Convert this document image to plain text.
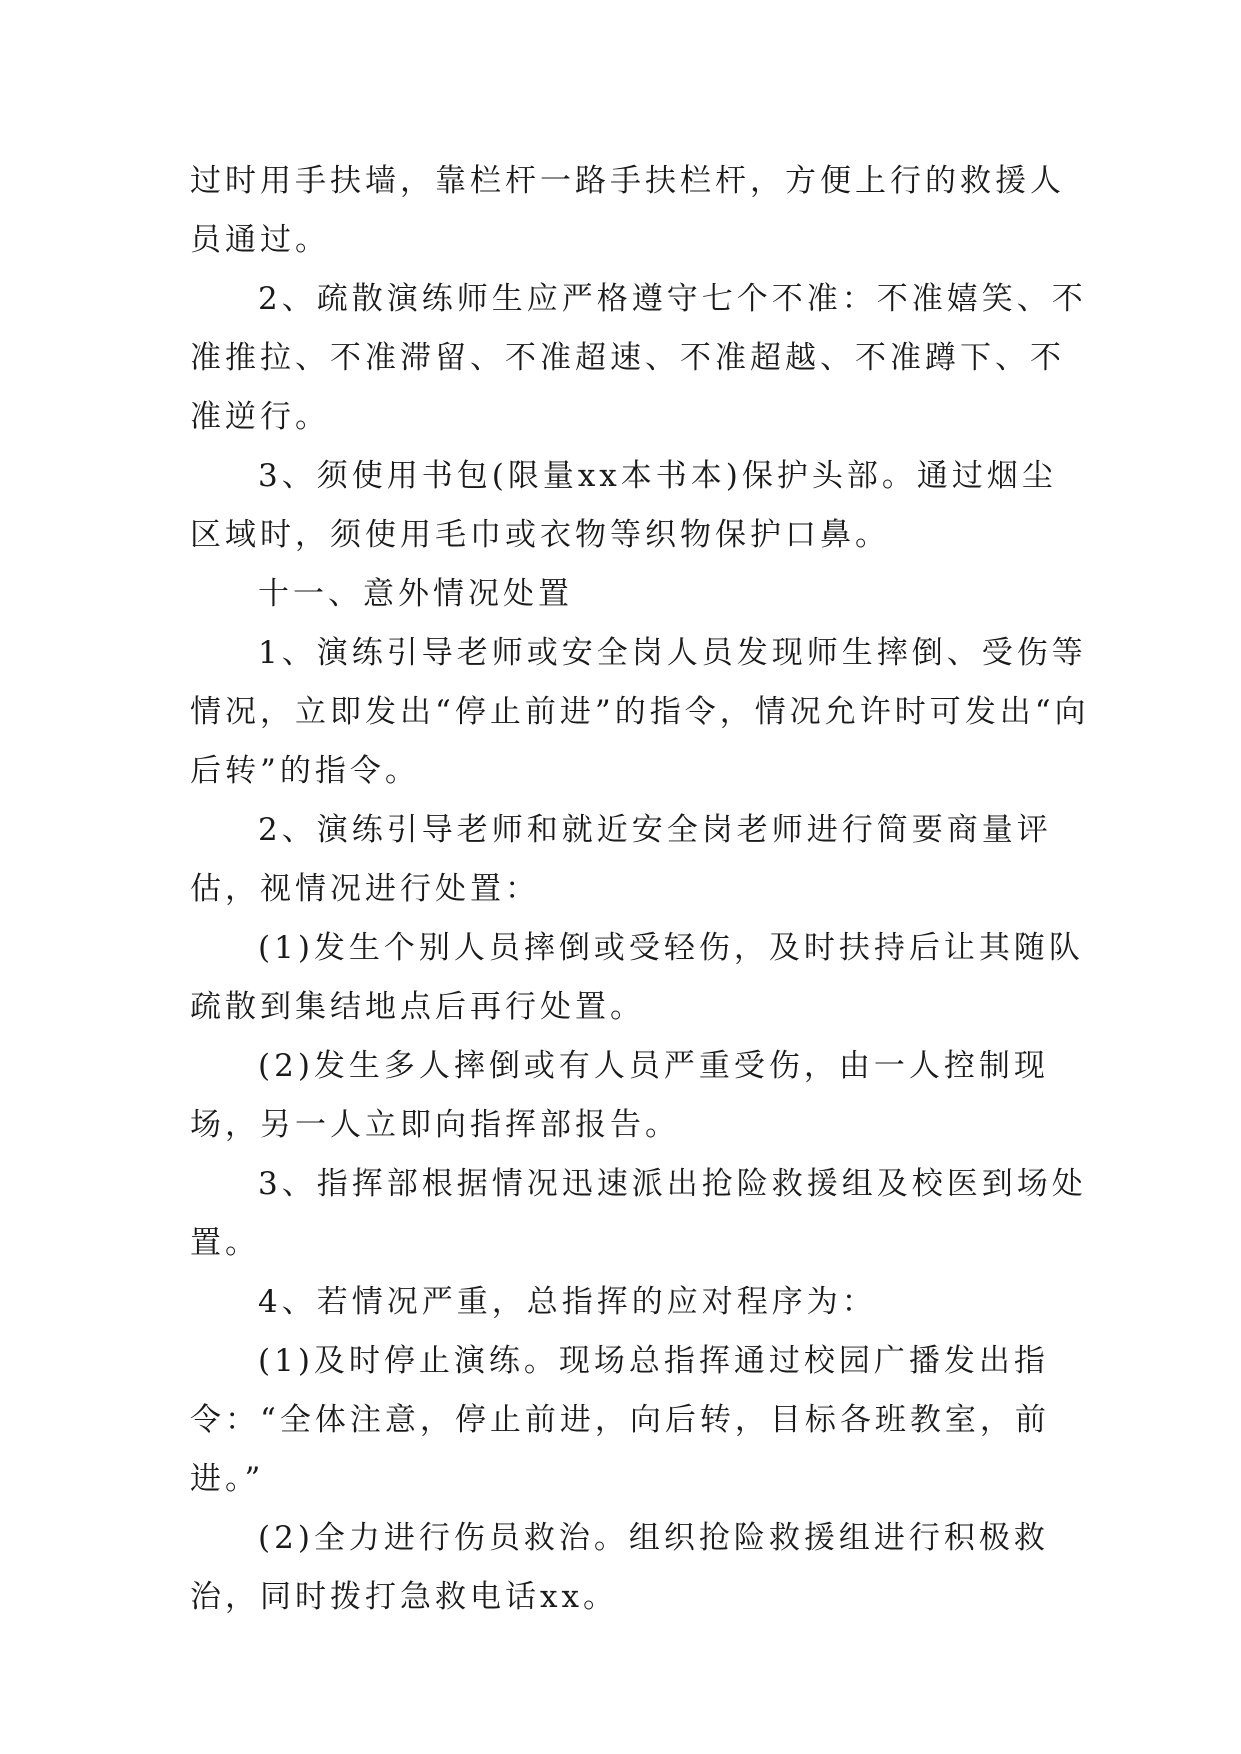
过时用手扶墙，靠栏杆一路手扶栏杆，方便上行的救援人员通过。

2、疏散演练师生应严格遵守七个不准：不准嬉笑、不准推拉、不准滞留、不准超速、不准超越、不准蹲下、不准逆行。

3、须使用书包(限量xx本书本)保护头部。通过烟尘区域时，须使用毛巾或衣物等织物保护口鼻。

十一、意外情况处置

1、演练引导老师或安全岗人员发现师生摔倒、受伤等情况，立即发出“停止前进”的指令，情况允许时可发出“向后转”的指令。

2、演练引导老师和就近安全岗老师进行简要商量评估，视情况进行处置：

(1)发生个别人员摔倒或受轻伤，及时扶持后让其随队疏散到集结地点后再行处置。

(2)发生多人摔倒或有人员严重受伤，由一人控制现场，另一人立即向指挥部报告。

3、指挥部根据情况迅速派出抢险救援组及校医到场处置。

4、若情况严重，总指挥的应对程序为：

(1)及时停止演练。现场总指挥通过校园广播发出指令：“全体注意，停止前进，向后转，目标各班教室，前进。”

(2)全力进行伤员救治。组织抢险救援组进行积极救治，同时拨打急救电话xx。
